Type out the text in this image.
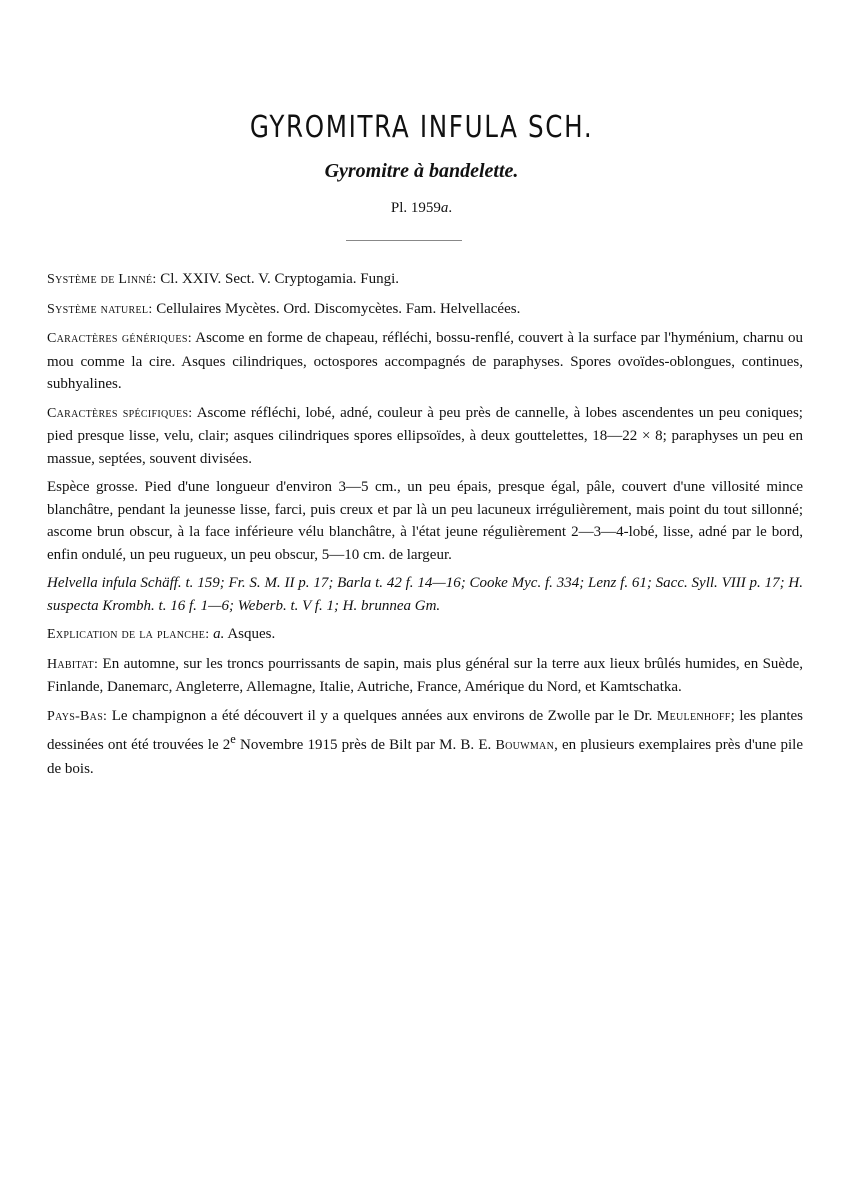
GYROMITRA INFULA SCH.
Gyromitre à bandelette.

Pl. 1959a.

Système de Linné: Cl. XXIV. Sect. V. Cryptogamia. Fungi.

Système naturel: Cellulaires Mycètes. Ord. Discomycètes. Fam. Helvellacées.

Caractères génériques: Ascome en forme de chapeau, réfléchi, bossu-renflé, couvert à la surface par l'hyménium, charnu ou mou comme la cire. Asques cilindriques, octospores accompagnés de paraphyses. Spores ovoïdes-oblongues, continues, subhyalines.

Caractères spécifiques: Ascome réfléchi, lobé, adné, couleur à peu près de cannelle, à lobes ascendentes un peu coniques; pied presque lisse, velu, clair; asques cilindriques spores ellipsoïdes, à deux gouttelettes, 18—22 × 8; paraphyses un peu en massue, septées, souvent divisées.

Espèce grosse. Pied d'une longueur d'environ 3—5 cm., un peu épais, presque égal, pâle, couvert d'une villosité mince blanchâtre, pendant la jeunesse lisse, farci, puis creux et par là un peu lacuneux irrégulièrement, mais point du tout sillonné; ascome brun obscur, à la face inférieure vélu blanchâtre, à l'état jeune régulièrement 2—3—4-lobé, lisse, adné par le bord, enfin ondulé, un peu rugueux, un peu obscur, 5—10 cm. de largeur.

Helvella infula Schäff. t. 159; Fr. S. M. II p. 17; Barla t. 42 f. 14—16; Cooke Myc. f. 334; Lenz f. 61; Sacc. Syll. VIII p. 17; H. suspecta Krombh. t. 16 f. 1—6; Weberb. t. V f. 1; H. brunnea Gm.

Explication de la planche: a. Asques.

Habitat: En automne, sur les troncs pourrissants de sapin, mais plus général sur la terre aux lieux brûlés humides, en Suède, Finlande, Danemarc, Angleterre, Allemagne, Italie, Autriche, France, Amérique du Nord, et Kamtschatka.

Pays-Bas: Le champignon a été découvert il y a quelques années aux environs de Zwolle par le Dr. Meulenhoff; les plantes dessinées ont été trouvées le 2e Novembre 1915 près de Bilt par M. B. E. Bouwman, en plusieurs exemplaires près d'une pile de bois.
